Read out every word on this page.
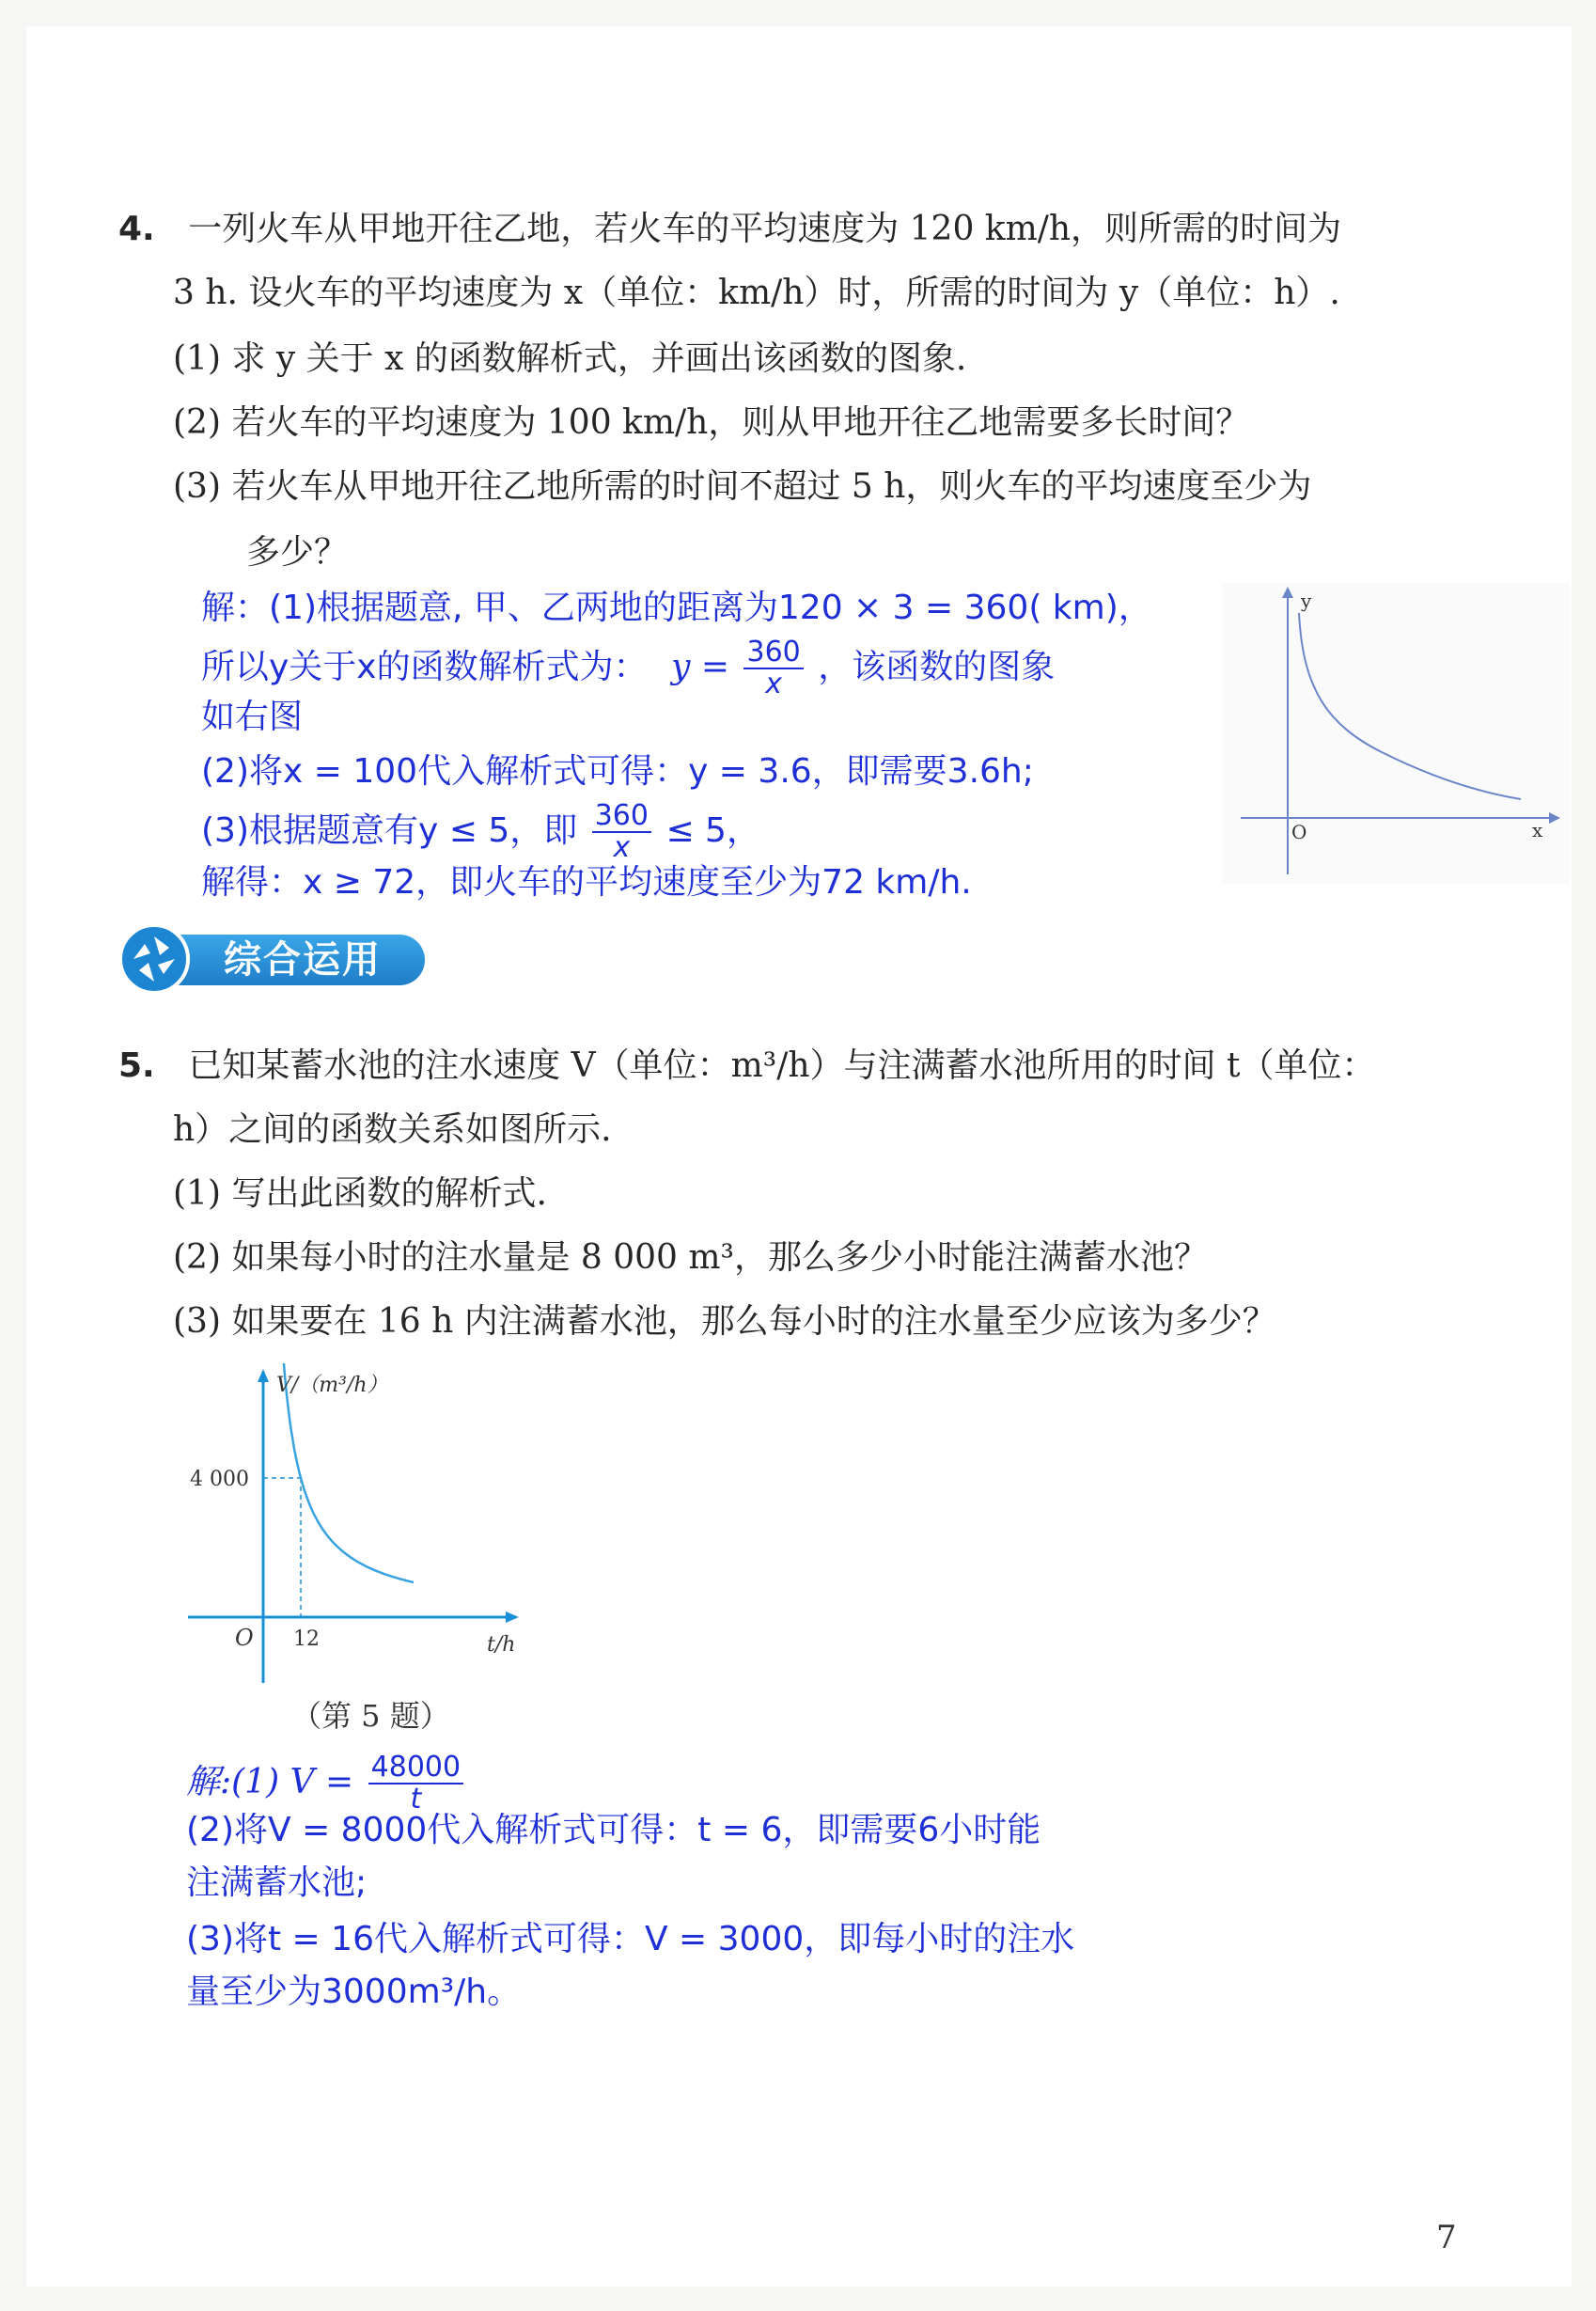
4. 一列火车从甲地开往乙地，若火车的平均速度为 120 km/h，则所需的时间为
3 h. 设火车的平均速度为 x（单位：km/h）时，所需的时间为 y（单位：h）.
(1) 求 y 关于 x 的函数解析式，并画出该函数的图象.
(2) 若火车的平均速度为 100 km/h，则从甲地开往乙地需要多长时间？
(3) 若火车从甲地开往乙地所需的时间不超过 5 h，则火车的平均速度至少为
多少？
解：(1)根据题意, 甲、乙两地的距离为120 × 3 = 360( km)，
所以y关于x的函数解析式为： $y = \frac{360}{x}$ ，该函数的图象
如右图
(2)将x = 100代入解析式可得：y = 3.6，即需要3.6h;
(3)根据题意有y ≤ 5，即 $\frac{360}{x} \le 5$，
解得：x ≥ 72，即火车的平均速度至少为72 km/h.
y
x
O
综合运用
5. 已知某蓄水池的注水速度 V（单位：m³/h）与注满蓄水池所用的时间 t（单位：
h）之间的函数关系如图所示.
(1) 写出此函数的解析式.
(2) 如果每小时的注水量是 8 000 m³，那么多少小时能注满蓄水池？
(3) 如果要在 16 h 内注满蓄水池，那么每小时的注水量至少应该为多少？
V/（m³/h）
t/h
O
4 000
12
（第 5 题）
解:(1) $V = \frac{48000}{t}$
(2)将V = 8000代入解析式可得：t = 6，即需要6小时能
注满蓄水池;
(3)将t = 16代入解析式可得：V = 3000，即每小时的注水
量至少为3000m³/h。
7
